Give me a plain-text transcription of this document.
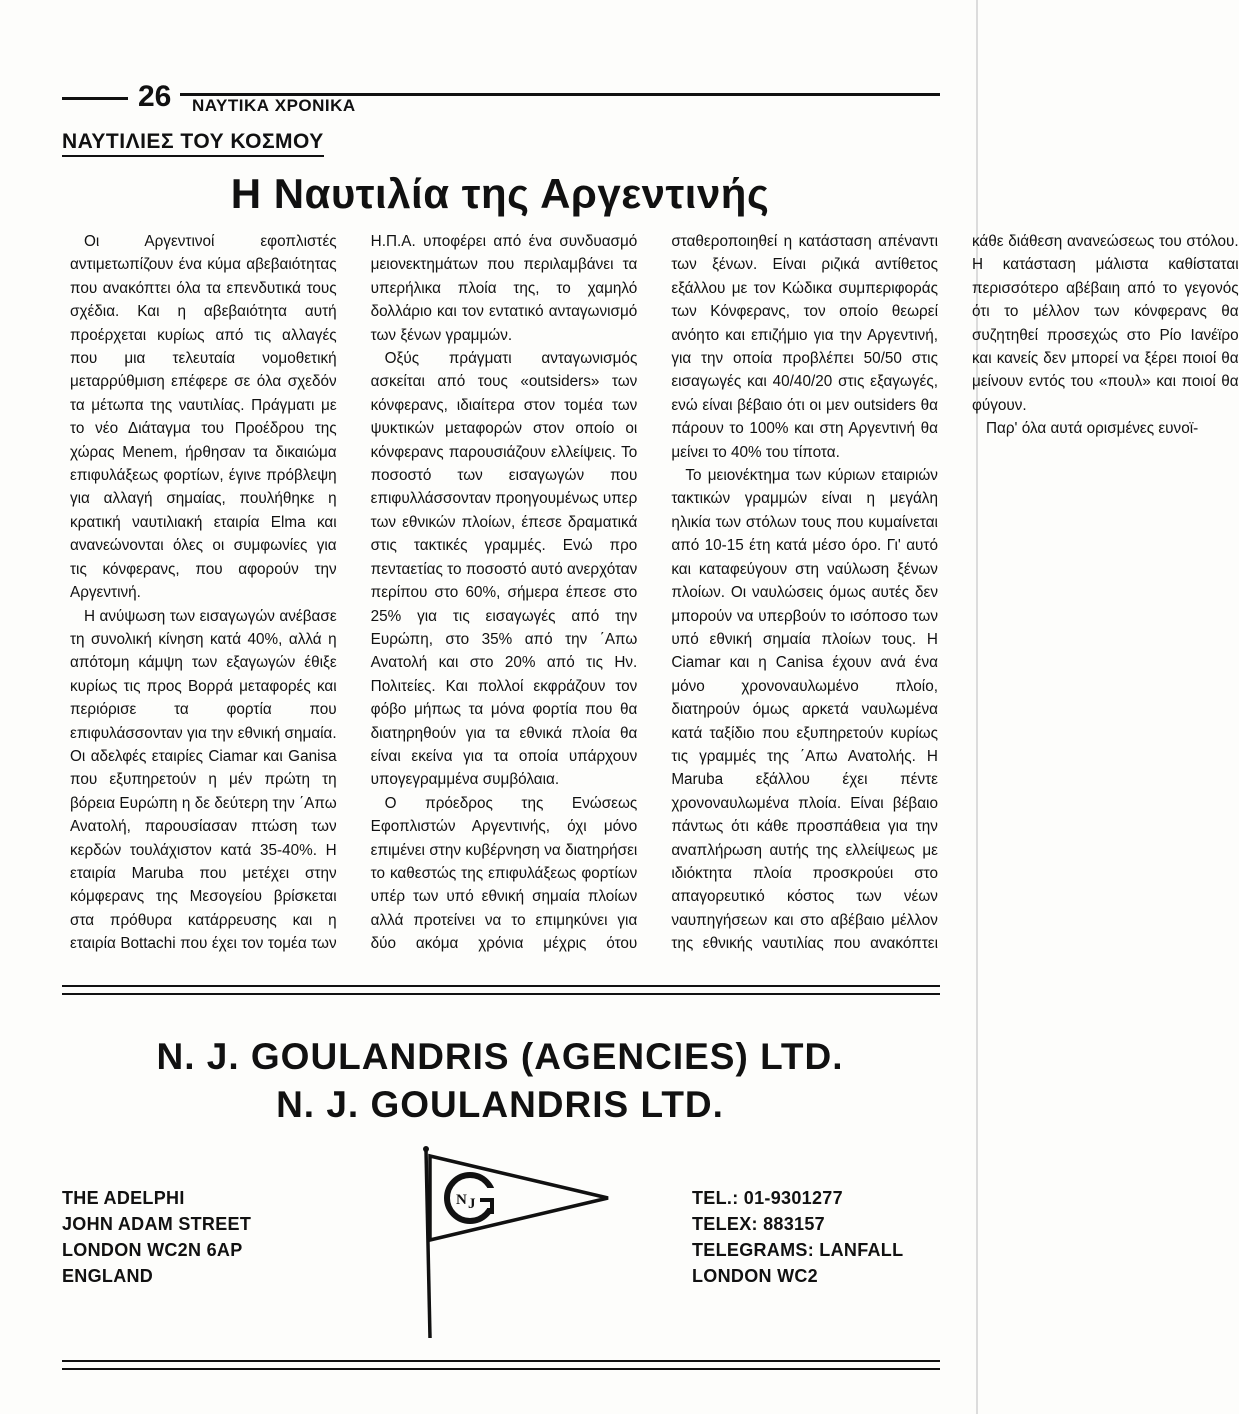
26 ΝΑΥΤΙΚΑ ΧΡΟΝΙΚΑ
ΝΑΥΤΙΛΙΕΣ ΤΟΥ ΚΟΣΜΟΥ
Η Ναυτιλία της Αργεντινής

Οι Αργεντινοί εφοπλιστές αντιμετωπίζουν ένα κύμα αβεβαιότητας που ανακόπτει όλα τα επενδυτικά τους σχέδια. Και η αβεβαιότητα αυτή προέρχεται κυρίως από τις αλλαγές που μια τελευταία νομοθετική μεταρρύθμιση επέφερε σε όλα σχεδόν τα μέτωπα της ναυτιλίας. Πράγματι με το νέο Διάταγμα του Προέδρου της χώρας Menem, ήρθησαν τα δικαιώμα επιφυλάξεως φορτίων, έγινε πρόβλεψη για αλλαγή σημαίας, πουλήθηκε η κρατική ναυτιλιακή εταιρία Elma και ανανεώνονται όλες οι συμφωνίες για τις κόνφερανς, που αφορούν την Αργεντινή.

Η ανύψωση των εισαγωγών ανέβασε τη συνολική κίνηση κατά 40%, αλλά η απότομη κάμψη των εξαγωγών έθιξε κυρίως τις προς Βορρά μεταφορές και περιόρισε τα φορτία που επιφυλάσσονταν για την εθνική σημαία. Οι αδελφές εταιρίες Ciamar και Ganisa που εξυπηρετούν η μέν πρώτη τη βόρεια Ευρώπη η δε δεύτερη την ΄Απω Ανατολή, παρουσίασαν πτώση των κερδών τουλάχιστον κατά 35-40%. Η εταιρία Maruba που μετέχει στην κόμφερανς της Μεσογείου βρίσκεται στα πρόθυρα κατάρρευσης και η εταιρία Bottachi που έχει τον τομέα των Η.Π.Α. υποφέρει από ένα συνδυασμό μειονεκτημάτων που περιλαμβάνει τα υπερήλικα πλοία της, το χαμηλό δολλάριο και τον εντατικό ανταγωνισμό των ξένων γραμμών.

Οξύς πράγματι ανταγωνισμός ασκείται από τους «outsiders» των κόνφερανς, ιδιαίτερα στον τομέα των ψυκτικών μεταφορών στον οποίο οι κόνφερανς παρουσιάζουν ελλείψεις. Το ποσοστό των εισαγωγών που επιφυλλάσσονταν προηγουμένως υπερ των εθνικών πλοίων, έπεσε δραματικά στις τακτικές γραμμές. Ενώ προ πενταετίας το ποσοστό αυτό ανερχόταν περίπου στο 60%, σήμερα έπεσε στο 25% για τις εισαγωγές από την Ευρώπη, στο 35% από την ΄Απω Ανατολή και στο 20% από τις Ην. Πολιτείες. Και πολλοί εκφράζουν τον φόβο μήπως τα μόνα φορτία που θα διατηρηθούν για τα εθνικά πλοία θα είναι εκείνα για τα οποία υπάρχουν υπογεγραμμένα συμβόλαια.

Ο πρόεδρος της Ενώσεως Εφοπλιστών Αργεντινής, όχι μόνο επιμένει στην κυβέρνηση να διατηρήσει το καθεστώς της επιφυλάξεως φορτίων υπέρ των υπό εθνική σημαία πλοίων αλλά προτείνει να το επιμηκύνει για δύο ακόμα χρόνια μέχρις ότου σταθεροποιηθεί η κατάσταση απέναντι των ξένων. Είναι ριζικά αντίθετος εξάλλου με τον Κώδικα συμπεριφοράς των Κόνφερανς, τον οποίο θεωρεί ανόητο και επιζήμιο για την Αργεντινή, για την οποία προβλέπει 50/50 στις εισαγωγές και 40/40/20 στις εξαγωγές, ενώ είναι βέβαιο ότι οι μεν outsiders θα πάρουν το 100% και στη Αργεντινή θα μείνει το 40% του τίποτα.

Το μειονέκτημα των κύριων εταιριών τακτικών γραμμών είναι η μεγάλη ηλικία των στόλων τους που κυμαίνεται από 10-15 έτη κατά μέσο όρο. Γι' αυτό και καταφεύγουν στη ναύλωση ξένων πλοίων. Οι ναυλώσεις όμως αυτές δεν μπορούν να υπερβούν το ισόποσο των υπό εθνική σημαία πλοίων τους. Η Ciamar και η Canisa έχουν ανά ένα μόνο χρονοναυλωμένο πλοίο, διατηρούν όμως αρκετά ναυλωμένα κατά ταξίδιο που εξυπηρετούν κυρίως τις γραμμές της ΄Απω Ανατολής. Η Maruba εξάλλου έχει πέντε χρονοναυλωμένα πλοία. Είναι βέβαιο πάντως ότι κάθε προσπάθεια για την αναπλήρωση αυτής της ελλείψεως με ιδιόκτητα πλοία προσκρούει στο απαγορευτικό κόστος των νέων ναυπηγήσεων και στο αβέβαιο μέλλον της εθνικής ναυτιλίας που ανακόπτει κάθε διάθεση ανανεώσεως του στόλου. Η κατάσταση μάλιστα καθίσταται περισσότερο αβέβαιη από το γεγονός ότι το μέλλον των κόνφερανς θα συζητηθεί προσεχώς στο Ρίο Ιανέϊρο και κανείς δεν μπορεί να ξέρει ποιοί θα μείνουν εντός του «πουλ» και ποιοί θα φύγουν.

Παρ' όλα αυτά ορισμένες ευνοϊ-

N. J. GOULANDRIS (AGENCIES) LTD.
N. J. GOULANDRIS LTD.
THE ADELPHI
JOHN ADAM STREET
LONDON WC2N 6AP
ENGLAND
N J	TEL.: 01-9301277
TELEX: 883157
TELEGRAMS: LANFALL
LONDON WC2
